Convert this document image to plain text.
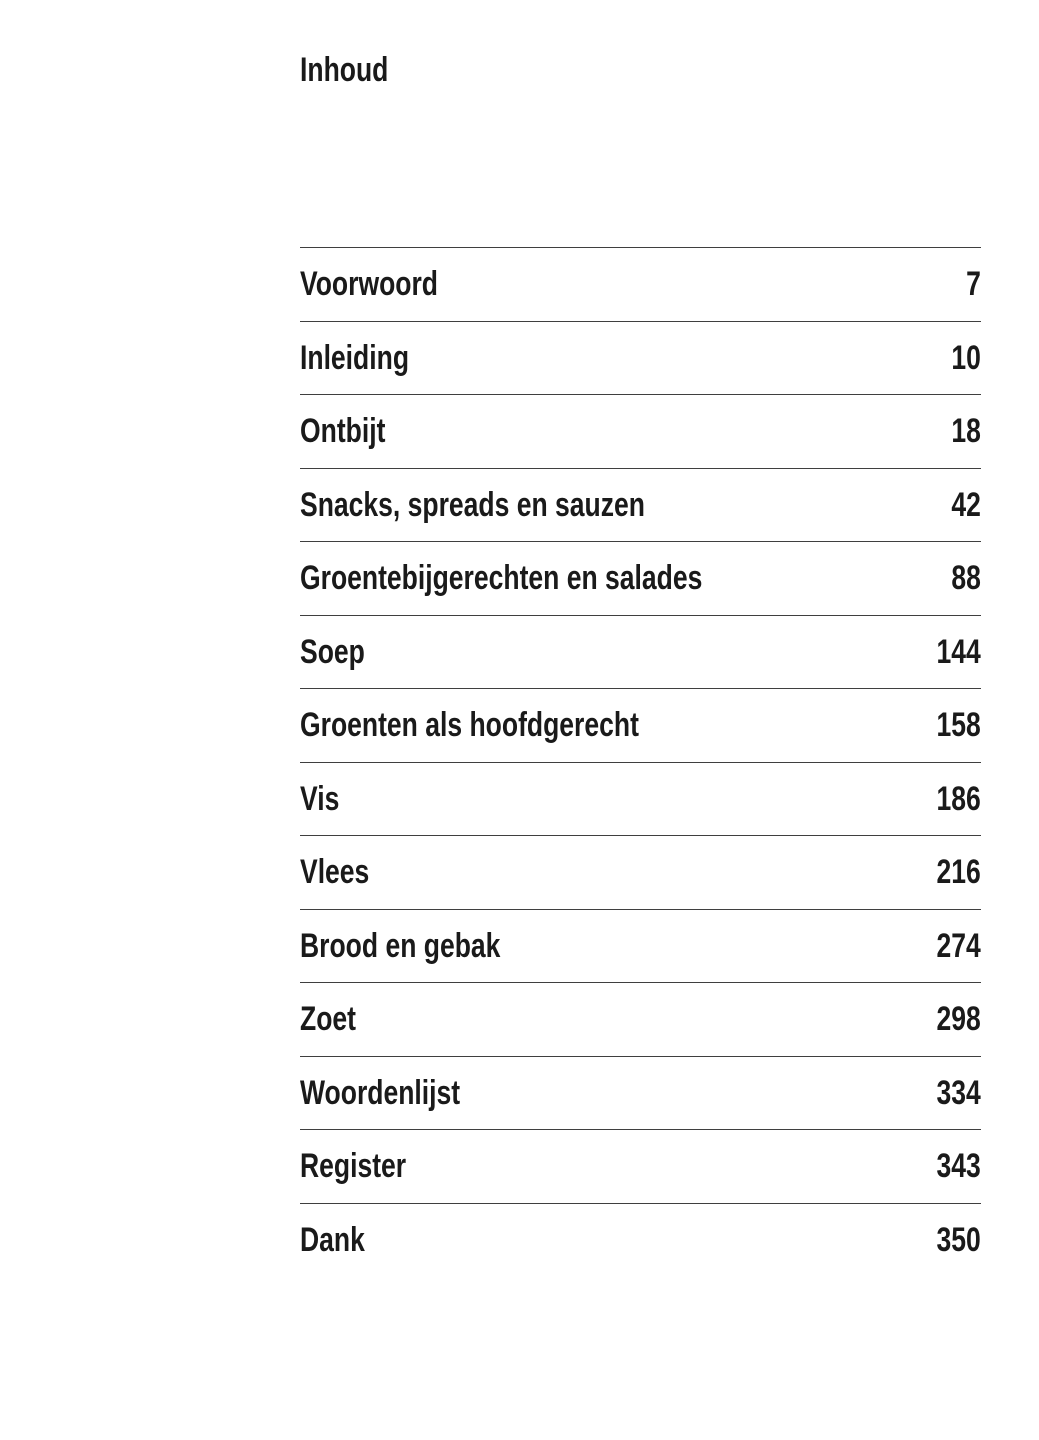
Inhoud
Voorwoord	7
Inleiding	10
Ontbijt	18
Snacks, spreads en sauzen	42
Groentebijgerechten en salades	88
Soep	144
Groenten als hoofdgerecht	158
Vis	186
Vlees	216
Brood en gebak	274
Zoet	298
Woordenlijst	334
Register	343
Dank	350
